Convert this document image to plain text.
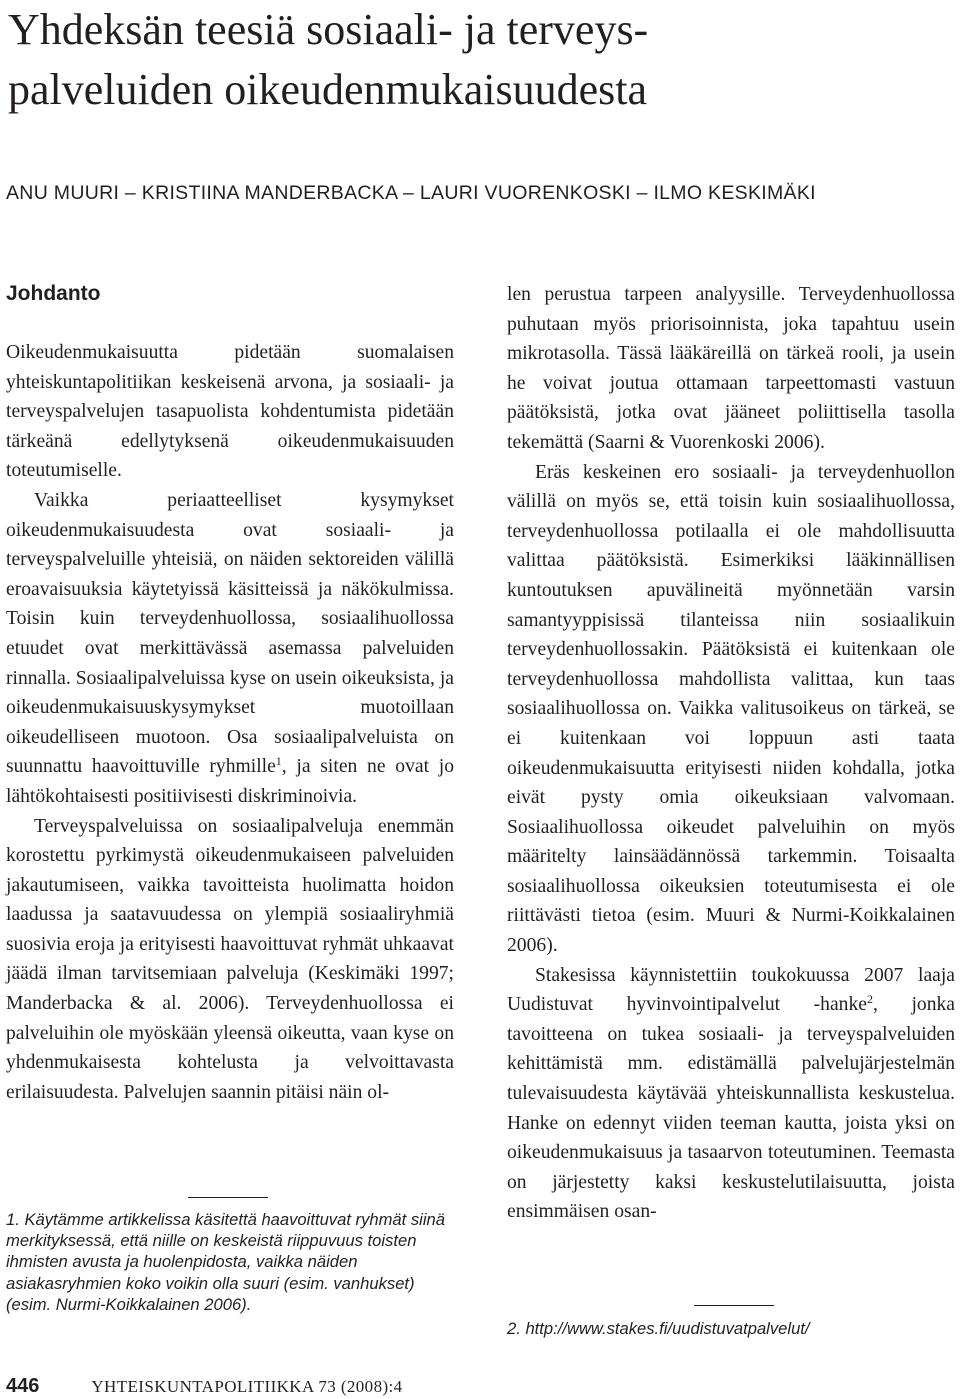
Yhdeksän teesiä sosiaali- ja terveys-
palveluiden oikeudenmukaisuudesta
ANU MUURI – KRISTIINA MANDERBACKA – LAURI VUORENKOSKI – ILMO KESKIMÄKI
Johdanto

Oikeudenmukaisuutta pidetään suomalaisen yhteiskuntapolitiikan keskeisenä arvona, ja sosiaali- ja terveyspalvelujen tasapuolista kohdentumista pidetään tärkeänä edellytyksenä oikeudenmukaisuuden toteutumiselle.

Vaikka periaatteelliset kysymykset oikeudenmukaisuudesta ovat sosiaali- ja terveyspalveluille yhteisiä, on näiden sektoreiden välillä eroavaisuuksia käytetyissä käsitteissä ja näkökulmissa. Toisin kuin terveydenhuollossa, sosiaalihuollossa etuudet ovat merkittävässä asemassa palveluiden rinnalla. Sosiaalipalveluissa kyse on usein oikeuksista, ja oikeudenmukaisuuskysymykset muotoillaan oikeudelliseen muotoon. Osa sosiaalipalveluista on suunnattu haavoittuville ryhmille$^1$, ja siten ne ovat jo lähtökohtaisesti positiivisesti diskriminoivia.

Terveyspalveluissa on sosiaalipalveluja enemmän korostettu pyrkimystä oikeudenmukaiseen palveluiden jakautumiseen, vaikka tavoitteista huolimatta hoidon laadussa ja saatavuudessa on ylempiä sosiaaliryhmiä suosivia eroja ja erityisesti haavoittuvat ryhmät uhkaavat jäädä ilman tarvitsemiaan palveluja (Keskimäki 1997; Manderbacka & al. 2006). Terveydenhuollossa ei palveluihin ole myöskään yleensä oikeutta, vaan kyse on yhdenmukaisesta kohtelusta ja velvoittavasta erilaisuudesta. Palvelujen saannin pitäisi näin ol-

1. Käytämme artikkelissa käsitettä haavoittuvat ryhmät siinä merkityksessä, että niille on keskeistä riippuvuus toisten ihmisten avusta ja huolenpidosta, vaikka näiden asiakasryhmien koko voikin olla suuri (esim. vanhukset) (esim. Nurmi-Koikkalainen 2006).

len perustua tarpeen analyysille. Terveydenhuollossa puhutaan myös priorisoinnista, joka tapahtuu usein mikrotasolla. Tässä lääkäreillä on tärkeä rooli, ja usein he voivat joutua ottamaan tarpeettomasti vastuun päätöksistä, jotka ovat jääneet poliittisella tasolla tekemättä (Saarni & Vuorenkoski 2006).

Eräs keskeinen ero sosiaali- ja terveydenhuollon välillä on myös se, että toisin kuin sosiaalihuollossa, terveydenhuollossa potilaalla ei ole mahdollisuutta valittaa päätöksistä. Esimerkiksi lääkinnällisen kuntoutuksen apuvälineitä myönnetään varsin samantyyppisissä tilanteissa niin sosiaalikuin terveydenhuollossakin. Päätöksistä ei kuitenkaan ole terveydenhuollossa mahdollista valittaa, kun taas sosiaalihuollossa on. Vaikka valitusoikeus on tärkeä, se ei kuitenkaan voi loppuun asti taata oikeudenmukaisuutta erityisesti niiden kohdalla, jotka eivät pysty omia oikeuksiaan valvomaan. Sosiaalihuollossa oikeudet palveluihin on myös määritelty lainsäädännössä tarkemmin. Toisaalta sosiaalihuollossa oikeuksien toteutumisesta ei ole riittävästi tietoa (esim. Muuri & Nurmi-Koikkalainen 2006).

Stakesissa käynnistettiin toukokuussa 2007 laaja Uudistuvat hyvinvointipalvelut -hanke$^2$, jonka tavoitteena on tukea sosiaali- ja terveyspalveluiden kehittämistä mm. edistämällä palvelujärjestelmän tulevaisuudesta käytävää yhteiskunnallista keskustelua. Hanke on edennyt viiden teeman kautta, joista yksi on oikeudenmukaisuus ja tasaarvon toteutuminen. Teemasta on järjestetty kaksi keskustelutilaisuutta, joista ensimmäisen osan-

2. http://www.stakes.fi/uudistuvatpalvelut/
446	YHTEISKUNTAPOLITIIKKA 73 (2008):4
